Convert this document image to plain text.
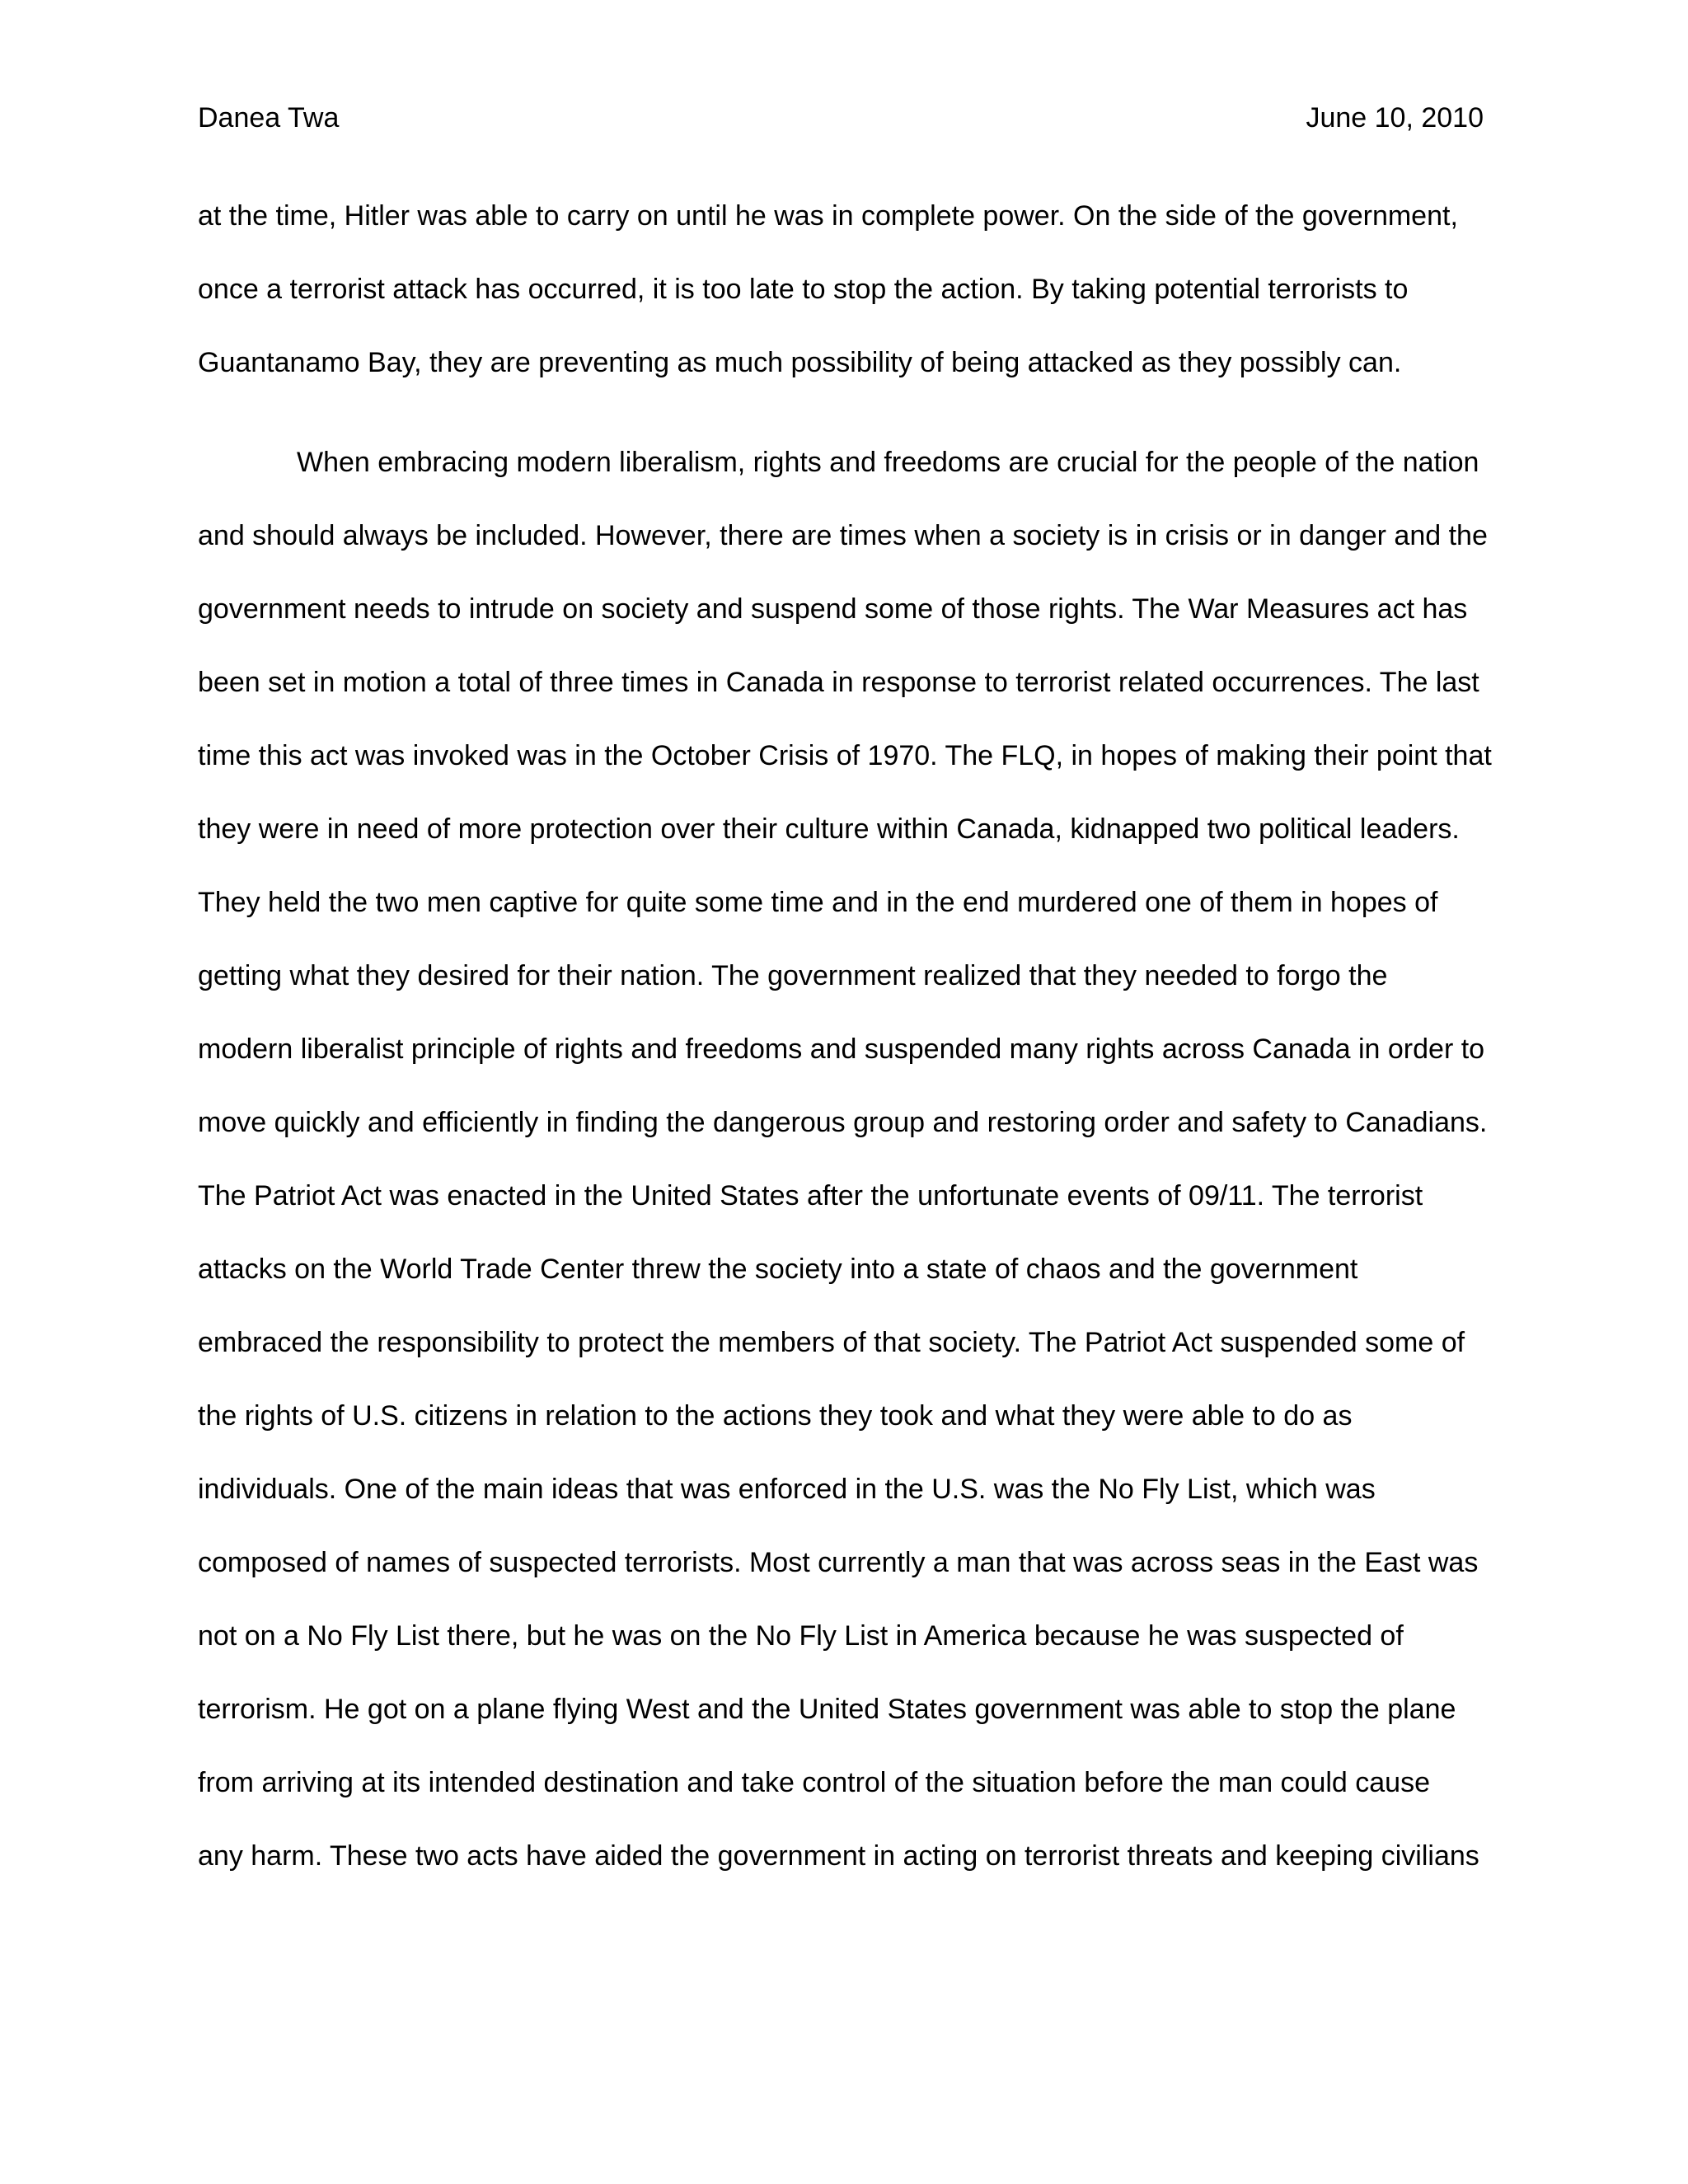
Danea Twa	June 10, 2010
at the time, Hitler was able to carry on until he was in complete power. On the side of the government,
once a terrorist attack has occurred, it is too late to stop the action. By taking potential terrorists to
Guantanamo Bay, they are preventing as much possibility of being attacked as they possibly can.
When embracing modern liberalism, rights and freedoms are crucial for the people of the nation
and should always be included. However, there are times when a society is in crisis or in danger and the
government needs to intrude on society and suspend some of those rights. The War Measures act has
been set in motion a total of three times in Canada in response to terrorist related occurrences. The last
time this act was invoked was in the October Crisis of 1970. The FLQ, in hopes of making their point that
they were in need of more protection over their culture within Canada, kidnapped two political leaders.
They held the two men captive for quite some time and in the end murdered one of them in hopes of
getting what they desired for their nation. The government realized that they needed to forgo the
modern liberalist principle of rights and freedoms and suspended many rights across Canada in order to
move quickly and efficiently in finding the dangerous group and restoring order and safety to Canadians.
The Patriot Act was enacted in the United States after the unfortunate events of 09/11. The terrorist
attacks on the World Trade Center threw the society into a state of chaos and the government
embraced the responsibility to protect the members of that society. The Patriot Act suspended some of
the rights of U.S. citizens in relation to the actions they took and what they were able to do as
individuals. One of the main ideas that was enforced in the U.S. was the No Fly List, which was
composed of names of suspected terrorists. Most currently a man that was across seas in the East was
not on a No Fly List there, but he was on the No Fly List in America because he was suspected of
terrorism. He got on a plane flying West and the United States government was able to stop the plane
from arriving at its intended destination and take control of the situation before the man could cause
any harm. These two acts have aided the government in acting on terrorist threats and keeping civilians
